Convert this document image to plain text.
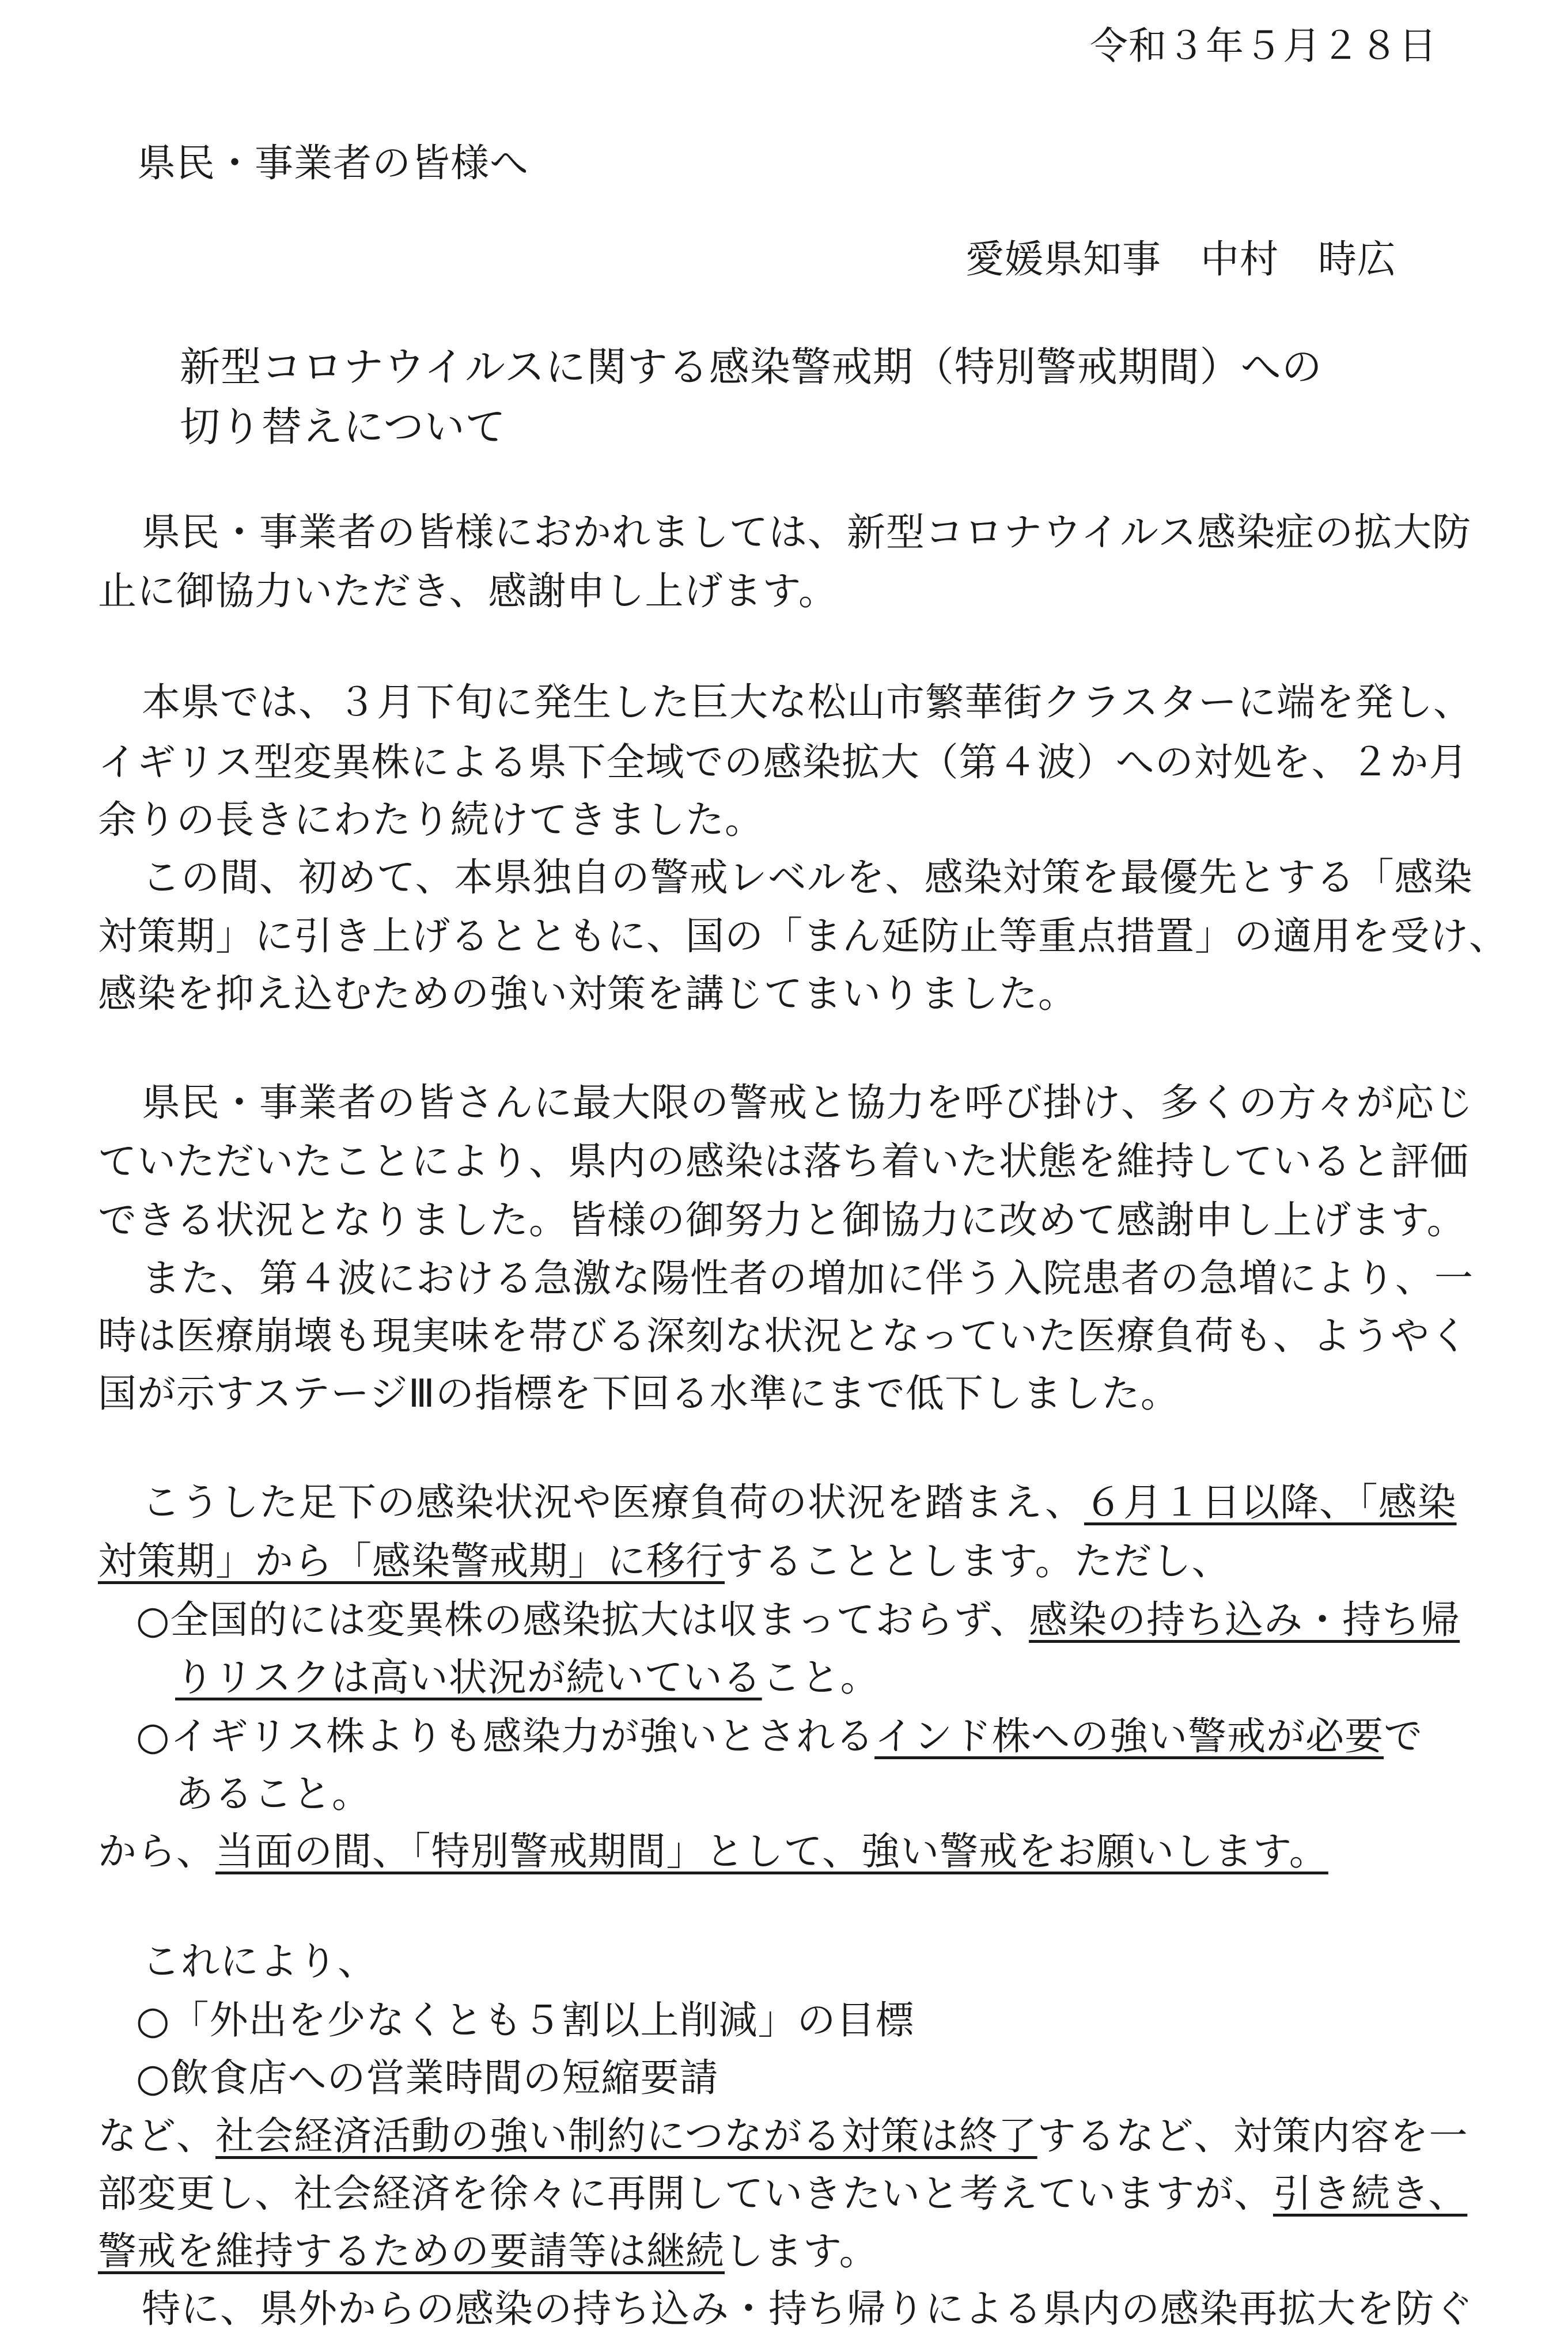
令和３年５月２８日
県民・事業者の皆様へ
愛媛県知事　中村　時広
新型コロナウイルスに関する感染警戒期（特別警戒期間）への
切り替えについて
県民・事業者の皆様におかれましては、新型コロナウイルス感染症の拡大防
止に御協力いただき、感謝申し上げます。
本県では、３月下旬に発生した巨大な松山市繁華街クラスターに端を発し、
イギリス型変異株による県下全域での感染拡大（第４波）への対処を、２か月
余りの長きにわたり続けてきました。
この間、初めて、本県独自の警戒レベルを、感染対策を最優先とする「感染
対策期」に引き上げるとともに、国の「まん延防止等重点措置」の適用を受け、
感染を抑え込むための強い対策を講じてまいりました。
県民・事業者の皆さんに最大限の警戒と協力を呼び掛け、多くの方々が応じ
ていただいたことにより、県内の感染は落ち着いた状態を維持していると評価
できる状況となりました。皆様の御努力と御協力に改めて感謝申し上げます。
また、第４波における急激な陽性者の増加に伴う入院患者の急増により、一
時は医療崩壊も現実味を帯びる深刻な状況となっていた医療負荷も、ようやく
国が示すステージⅢの指標を下回る水準にまで低下しました。
こうした足下の感染状況や医療負荷の状況を踏まえ、６月１日以降、「感染
対策期」から「感染警戒期」に移行することとします。ただし、
○全国的には変異株の感染拡大は収まっておらず、感染の持ち込み・持ち帰
りリスクは高い状況が続いていること。
○イギリス株よりも感染力が強いとされるインド株への強い警戒が必要で
あること。
から、当面の間、「特別警戒期間」として、強い警戒をお願いします。
これにより、
○「外出を少なくとも５割以上削減」の目標
○飲食店への営業時間の短縮要請
など、社会経済活動の強い制約につながる対策は終了するなど、対策内容を一
部変更し、社会経済を徐々に再開していきたいと考えていますが、引き続き、
警戒を維持するための要請等は継続します。
特に、県外からの感染の持ち込み・持ち帰りによる県内の感染再拡大を防ぐ
